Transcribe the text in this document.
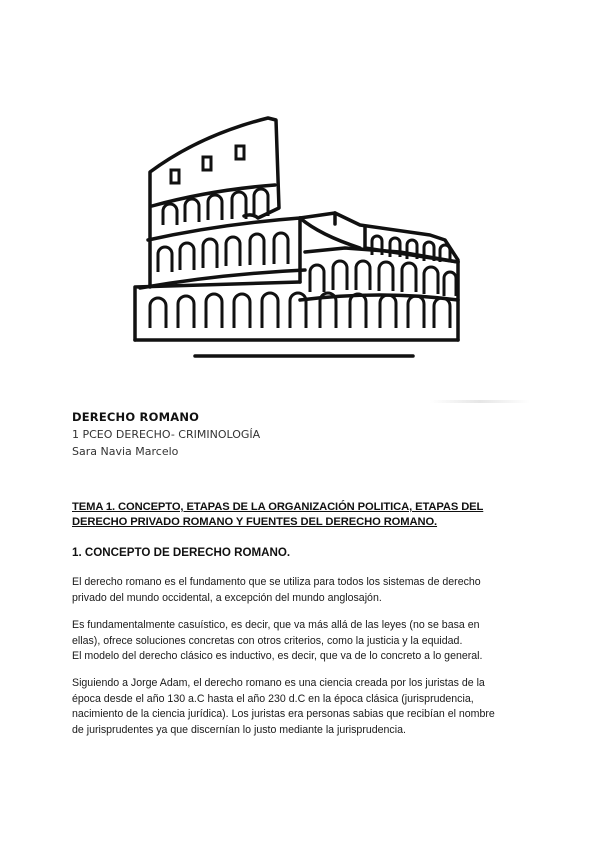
DERECHO ROMANO
1 PCEO DERECHO- CRIMINOLOGÍA
Sara Navia Marcelo
TEMA 1. CONCEPTO, ETAPAS DE LA ORGANIZACIÓN POLITICA, ETAPAS DEL
DERECHO PRIVADO ROMANO Y FUENTES DEL DERECHO ROMANO.
1. CONCEPTO DE DERECHO ROMANO.

El derecho romano es el fundamento que se utiliza para todos los sistemas de derecho
privado del mundo occidental, a excepción del mundo anglosajón.

Es fundamentalmente casuístico, es decir, que va más allá de las leyes (no se basa en
ellas), ofrece soluciones concretas con otros criterios, como la justicia y la equidad.
El modelo del derecho clásico es inductivo, es decir, que va de lo concreto a lo general.

Siguiendo a Jorge Adam, el derecho romano es una ciencia creada por los juristas de la
época desde el año 130 a.C hasta el año 230 d.C en la época clásica (jurisprudencia,
nacimiento de la ciencia jurídica). Los juristas era personas sabias que recibían el nombre
de jurisprudentes ya que discernían lo justo mediante la jurisprudencia.
